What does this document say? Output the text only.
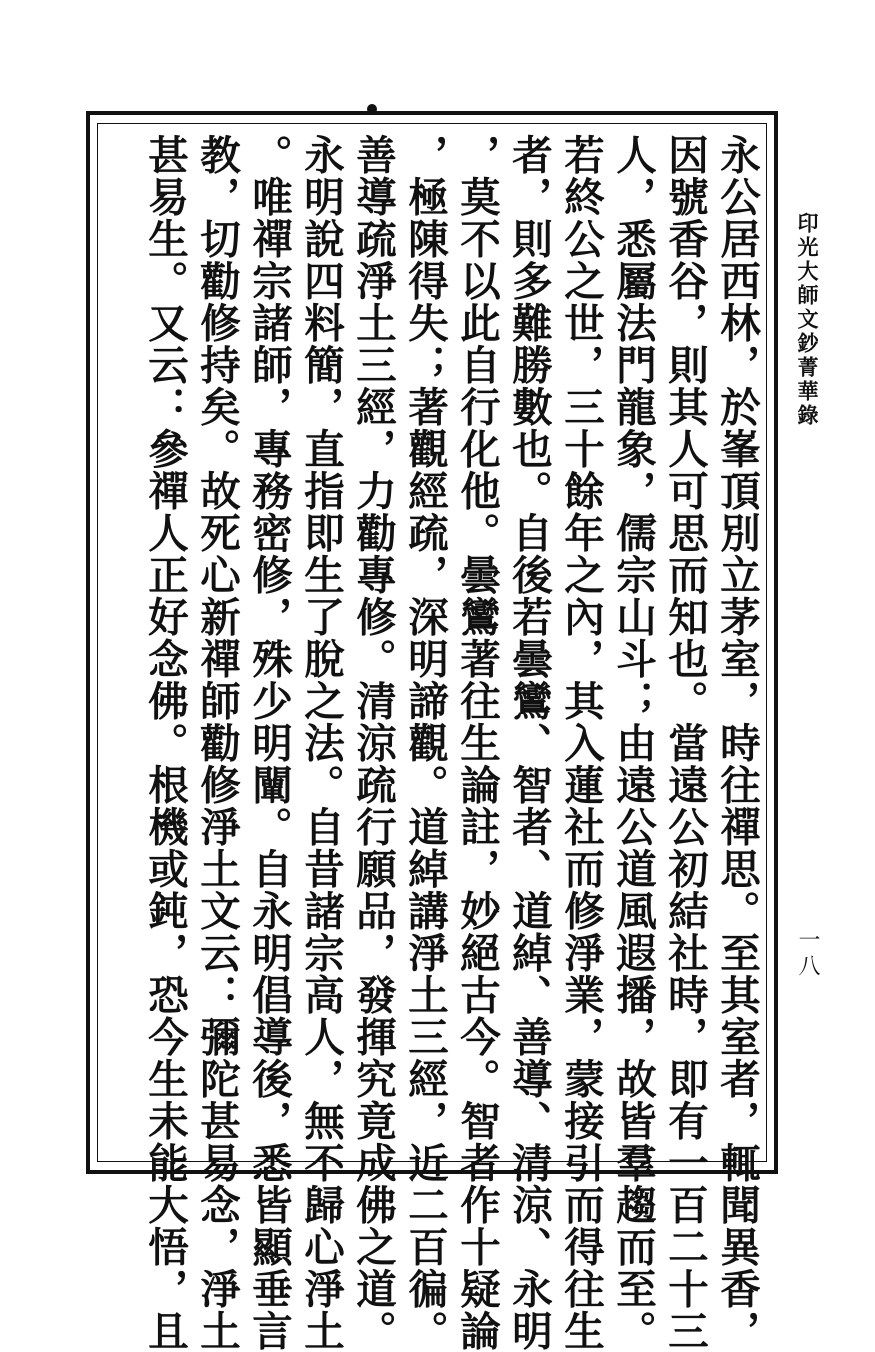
印光大師文鈔菁華錄
一八
永公居西林，於峯頂別立茅室，時往禪思。至其室者，輒聞異香，
因號香谷，則其人可思而知也。當遠公初結社時，即有一百二十三
人，悉屬法門龍象，儒宗山斗；由遠公道風遐播，故皆羣趨而至。
若終公之世，三十餘年之內，其入蓮社而修淨業，蒙接引而得往生
者，則多難勝數也。自後若曇鸞、智者、道綽、善導、清涼、永明
，莫不以此自行化他。曇鸞著往生論註，妙絕古今。智者作十疑論
，極陳得失；著觀經疏，深明諦觀。道綽講淨土三經，近二百徧。
善導疏淨土三經，力勸專修。清涼疏行願品，發揮究竟成佛之道。
永明說四料簡，直指即生了脫之法。自昔諸宗高人，無不歸心淨土
。唯禪宗諸師，專務密修，殊少明闡。自永明倡導後，悉皆顯垂言
教，切勸修持矣。故死心新禪師勸修淨土文云：彌陀甚易念，淨土
甚易生。又云：參禪人正好念佛。根機或鈍，恐今生未能大悟，且
